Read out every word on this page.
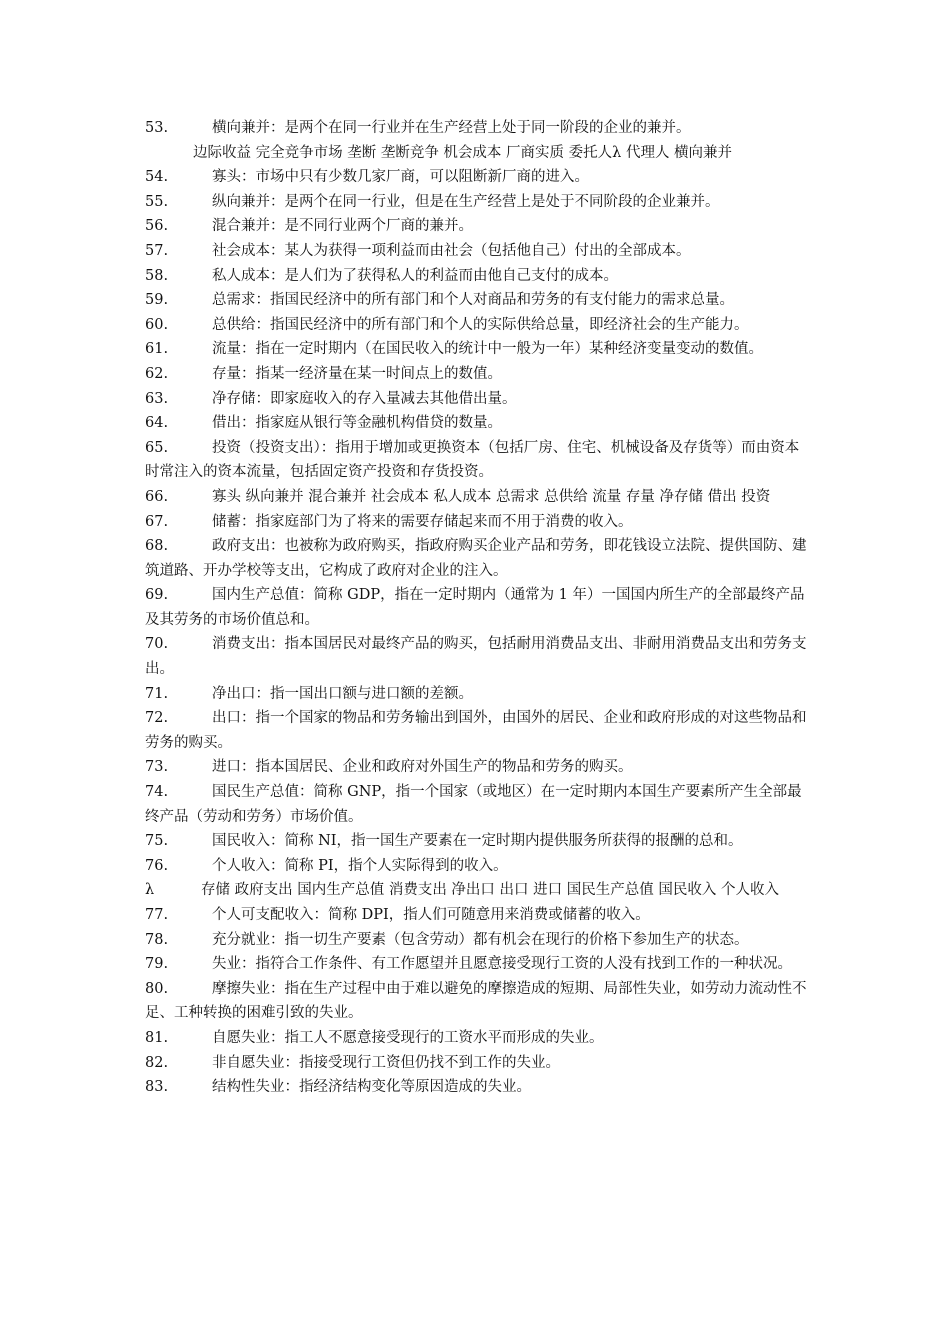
53.	横向兼并：是两个在同一行业并在生产经营上处于同一阶段的企业的兼并。

边际收益 完全竞争市场 垄断 垄断竞争 机会成本 厂商实质 委托人λ 代理人 横向兼并

54.	寡头：市场中只有少数几家厂商，可以阻断新厂商的进入。

55.	纵向兼并：是两个在同一行业，但是在生产经营上是处于不同阶段的企业兼并。

56.	混合兼并：是不同行业两个厂商的兼并。

57.	社会成本：某人为获得一项利益而由社会（包括他自己）付出的全部成本。

58.	私人成本：是人们为了获得私人的利益而由他自己支付的成本。

59.	总需求：指国民经济中的所有部门和个人对商品和劳务的有支付能力的需求总量。

60.	总供给：指国民经济中的所有部门和个人的实际供给总量，即经济社会的生产能力。

61.	流量：指在一定时期内（在国民收入的统计中一般为一年）某种经济变量变动的数值。

62.	存量：指某一经济量在某一时间点上的数值。

63.	净存储：即家庭收入的存入量减去其他借出量。

64.	借出：指家庭从银行等金融机构借贷的数量。

65.	投资（投资支出）：指用于增加或更换资本（包括厂房、住宅、机械设备及存货等）而由资本时常注入的资本流量，包括固定资产投资和存货投资。

66.	寡头 纵向兼并 混合兼并 社会成本 私人成本 总需求 总供给 流量 存量 净存储 借出 投资

67.	储蓄：指家庭部门为了将来的需要存储起来而不用于消费的收入。

68.	政府支出：也被称为政府购买，指政府购买企业产品和劳务，即花钱设立法院、提供国防、建筑道路、开办学校等支出，它构成了政府对企业的注入。

69.	国内生产总值：简称 GDP，指在一定时期内（通常为 1 年）一国国内所生产的全部最终产品及其劳务的市场价值总和。

70.	消费支出：指本国居民对最终产品的购买，包括耐用消费品支出、非耐用消费品支出和劳务支出。

71.	净出口：指一国出口额与进口额的差额。

72.	出口：指一个国家的物品和劳务输出到国外，由国外的居民、企业和政府形成的对这些物品和劳务的购买。

73.	进口：指本国居民、企业和政府对外国生产的物品和劳务的购买。

74.	国民生产总值：简称 GNP，指一个国家（或地区）在一定时期内本国生产要素所产生全部最终产品（劳动和劳务）市场价值。

75.	国民收入：简称 NI，指一国生产要素在一定时期内提供服务所获得的报酬的总和。

76.	个人收入：简称 PI，指个人实际得到的收入。

λ	存储 政府支出 国内生产总值 消费支出 净出口 出口 进口 国民生产总值 国民收入 个人收入

77.	个人可支配收入：简称 DPI，指人们可随意用来消费或储蓄的收入。

78.	充分就业：指一切生产要素（包含劳动）都有机会在现行的价格下参加生产的状态。

79.	失业：指符合工作条件、有工作愿望并且愿意接受现行工资的人没有找到工作的一种状况。

80.	摩擦失业：指在生产过程中由于难以避免的摩擦造成的短期、局部性失业，如劳动力流动性不足、工种转换的困难引致的失业。

81.	自愿失业：指工人不愿意接受现行的工资水平而形成的失业。

82.	非自愿失业：指接受现行工资但仍找不到工作的失业。

83.	结构性失业：指经济结构变化等原因造成的失业。
